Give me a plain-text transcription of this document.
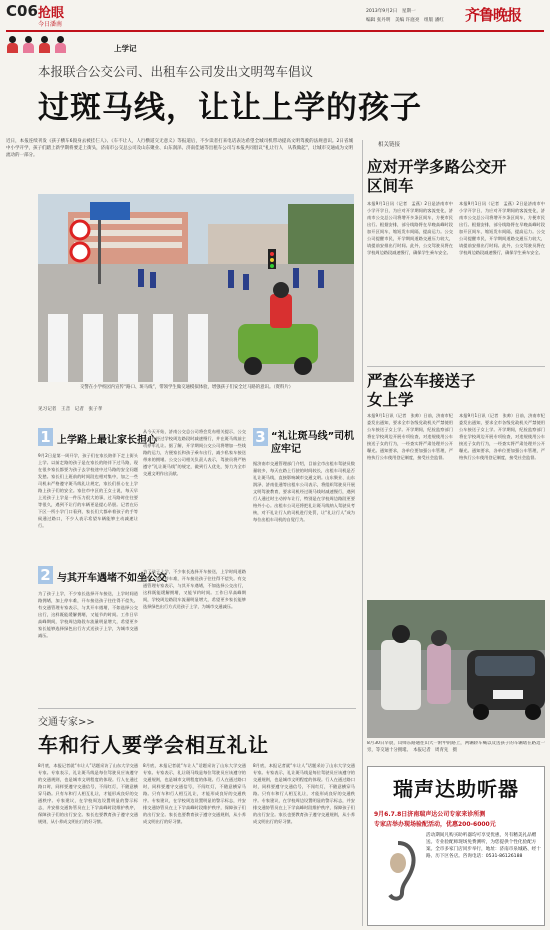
C06 抢眼
今日潘南
2013年9月2日　星期一
编辑 张丹明　美编 许庭亮　组版 潘红 齐鲁晚报
上学记
本报联合公交公司、出租车公司发出文明驾车倡议
过斑马线，让让上学的孩子
近日，本报连续刊发《孩子横车6毁身去被挂仨人》、《车不让人，人行横道交无意义》等报道后，不少读者打来电话表达希望全城司机带动提高文明驾驶的法规意识。2日省城中小学开学，孩子们踏上新学期将要走上街头，济南市公交总公司及山东聚业、山东润泽、济南佳通等出租车公司与本报共同倡议“礼让行人　从我做起”，让城市交通成为文明流动的一部分。
交警在小学校园内宣传“路口、斑马线”，带领学生做交通模拟体验，增强孩子们安全过马路的意识。（资料片）
见习记者　王音　记者　张子孝
1 上学路上最让家长担心
9月2日是第一周开学，孩子们在家长陪伴下走上街头上学。以前走路的孩子是在家长的陪伴下过马路，现在很多家长都要为孩子去学校途中过马路的安全问题发愁。家长们上班前的时间段也相对集中，加之一些司机未严格遵守斑马线礼让规定，家长们担心在上学路上孩子们的安全。家住市中区的王女士说，每天早上送孩子上学是一件压力很大的事，过马路时往往要等很久，遇到不让行的车辆更是提心吊胆。记者在历下区一所小学门口看到，家长们大都牵着孩子的手等候通过路口，不少人表示希望车辆能够主动减速让行。
2 与其开车遇堵不如坐公交
为了孩子上学，不少家长选择开车接送，上学时间道路拥堵，加上停车难，开车接送孩子往往得不偿失。有交通管理专家表示，与其开车遇堵，不如选择公交出行，这样既能缓解拥堵，又能节约时间。工作日早高峰期间，学校周边路段车流量明显增大，希望更多家长能够选择绿色出行方式送孩子上学，为城市交通减压。
从今天开始，济南公交总公司将会发布相关提示，公交车会在经过学校周边路段时减速慢行，并在斑马线前主动停车礼让。据了解，开学期间公交公司将增加一些线路的运力，方便家长和孩子乘车出行，减少私家车接送带来的拥堵。公交公司相关负责人表示，驾驶员将严格遵守“礼让斑马线”的规定，做到行人优先，努力为全市交通文明作出贡献。
为了孩子上学，不少家长选择开车接送，上学时间道路拥堵，加上停车难，开车接送孩子往往得不偿失。有交通管理专家表示，与其开车遇堵，不如选择公交出行，这样既能缓解拥堵，又能节约时间。工作日早高峰期间，学校周边路段车流量明显增大，希望更多家长能够选择绿色出行方式送孩子上学，为城市交通减压。
3 “礼让斑马线”司机应牢记
据济南市交通管理部门介绍，目前全市出租车驾驶员数量较多，每天在路上行驶的时间较长，出租车司机是否礼让斑马线，直接影响城市交通文明。山东聚业、山东润泽、济南佳通等出租车公司表示，将组织驾驶员开展文明驾驶教育，要求司机经过斑马线时减速慢行，遇到行人通过时主动停车让行，特别是在学校周边路段更要格外小心。出租车公司还将把礼让斑马线纳入驾驶员考核，对不礼让行人的司机进行处罚，让“礼让行人”成为每位出租车司机的自觉行为。
交通专家>>
车和行人要学会相互礼让
8月底，本报记者就“车让人”话题采访了山东大学交通专家。专家表示，礼让斑马线是每位驾驶员应该遵守的交通规则，也是城市文明程度的体现。行人在通过路口时，同样要遵守交通信号，不闯红灯，不随意横穿马路。只有车和行人相互礼让，才能形成良好的交通秩序。专家建议，在学校周边设置明显的警示标志，并安排交通协管员在上下学高峰时段维护秩序，保障孩子们的出行安全。家长也要教育孩子遵守交通规则，从小养成文明出行的好习惯。
8月底，本报记者就“车让人”话题采访了山东大学交通专家。专家表示，礼让斑马线是每位驾驶员应该遵守的交通规则，也是城市文明程度的体现。行人在通过路口时，同样要遵守交通信号，不闯红灯，不随意横穿马路。只有车和行人相互礼让，才能形成良好的交通秩序。专家建议，在学校周边设置明显的警示标志，并安排交通协管员在上下学高峰时段维护秩序，保障孩子们的出行安全。家长也要教育孩子遵守交通规则，从小养成文明出行的好习惯。
8月底，本报记者就“车让人”话题采访了山东大学交通专家。专家表示，礼让斑马线是每位驾驶员应该遵守的交通规则，也是城市文明程度的体现。行人在通过路口时，同样要遵守交通信号，不闯红灯，不随意横穿马路。只有车和行人相互礼让，才能形成良好的交通秩序。专家建议，在学校周边设置明显的警示标志，并安排交通协管员在上下学高峰时段维护秩序，保障孩子们的出行安全。家长也要教育孩子遵守交通规则，从小养成文明出行的好习惯。
相关链接
应对开学多路公交开区间车
本报9月1日讯（记者　孟燕）2日是济南市中小学开学日，为应对开学期间的客流变化，济南市公交总公司将增开多条区间车，方便市民出行。根据安排，部分线路将在早晚高峰时段加开区间车，缩短发车间隔，提高运力。公交公司提醒市民，开学期间道路交通压力较大，请提前安排出行时间。此外，公交驾驶员将在学校周边路段减速慢行，确保学生乘车安全。
本报9月1日讯（记者　孟燕）2日是济南市中小学开学日，为应对开学期间的客流变化，济南市公交总公司将增开多条区间车，方便市民出行。根据安排，部分线路将在早晚高峰时段加开区间车，缩短发车间隔，提高运力。公交公司提醒市民，开学期间道路交通压力较大，请提前安排出行时间。此外，公交驾驶员将在学校周边路段减速慢行，确保学生乘车安全。
严查公车接送子女上学
本报9月1日讯（记者　张帅）日前，济南市纪委发出通知，要求全市各级党政机关严禁使用公车接送子女上学。开学期间，纪检监察部门将在学校周边开展专项检查，对违规使用公车接送子女的行为，一经查实将严肃处理并公开曝光。通知要求，各单位要加强公车管理，严格执行公车使用登记制度，接受社会监督。
本报9月1日讯（记者　张帅）日前，济南市纪委发出通知，要求全市各级党政机关严禁使用公车接送子女上学。开学期间，纪检监察部门将在学校周边开展专项检查，对违规使用公车接送子女的行为，一经查实将严肃处理并公开曝光。通知要求，各单位要加强公车管理，严格执行公车使用登记制度，接受社会监督。
8月30日早晨，山师东路通往山大一附中的路上，两辆轿车喊以及送孩子的车辆堵在路边一旁，等交通十分拥堵。　本报记者　周青先　摄
瑞声达助听器
9月6.7.8日济南瑞声达公司专家来诊所测
专家店举办现场验配活动，优惠200-6000元
活动期间凡购买助听器均可享受优惠，另有精美礼品赠送。专业验配师现场免费测听，为您提供个性化验配方案。全市多家门店同步举行，地址：济南市泉城路、经十路、历下区各店。咨询电话：0531-86126188
